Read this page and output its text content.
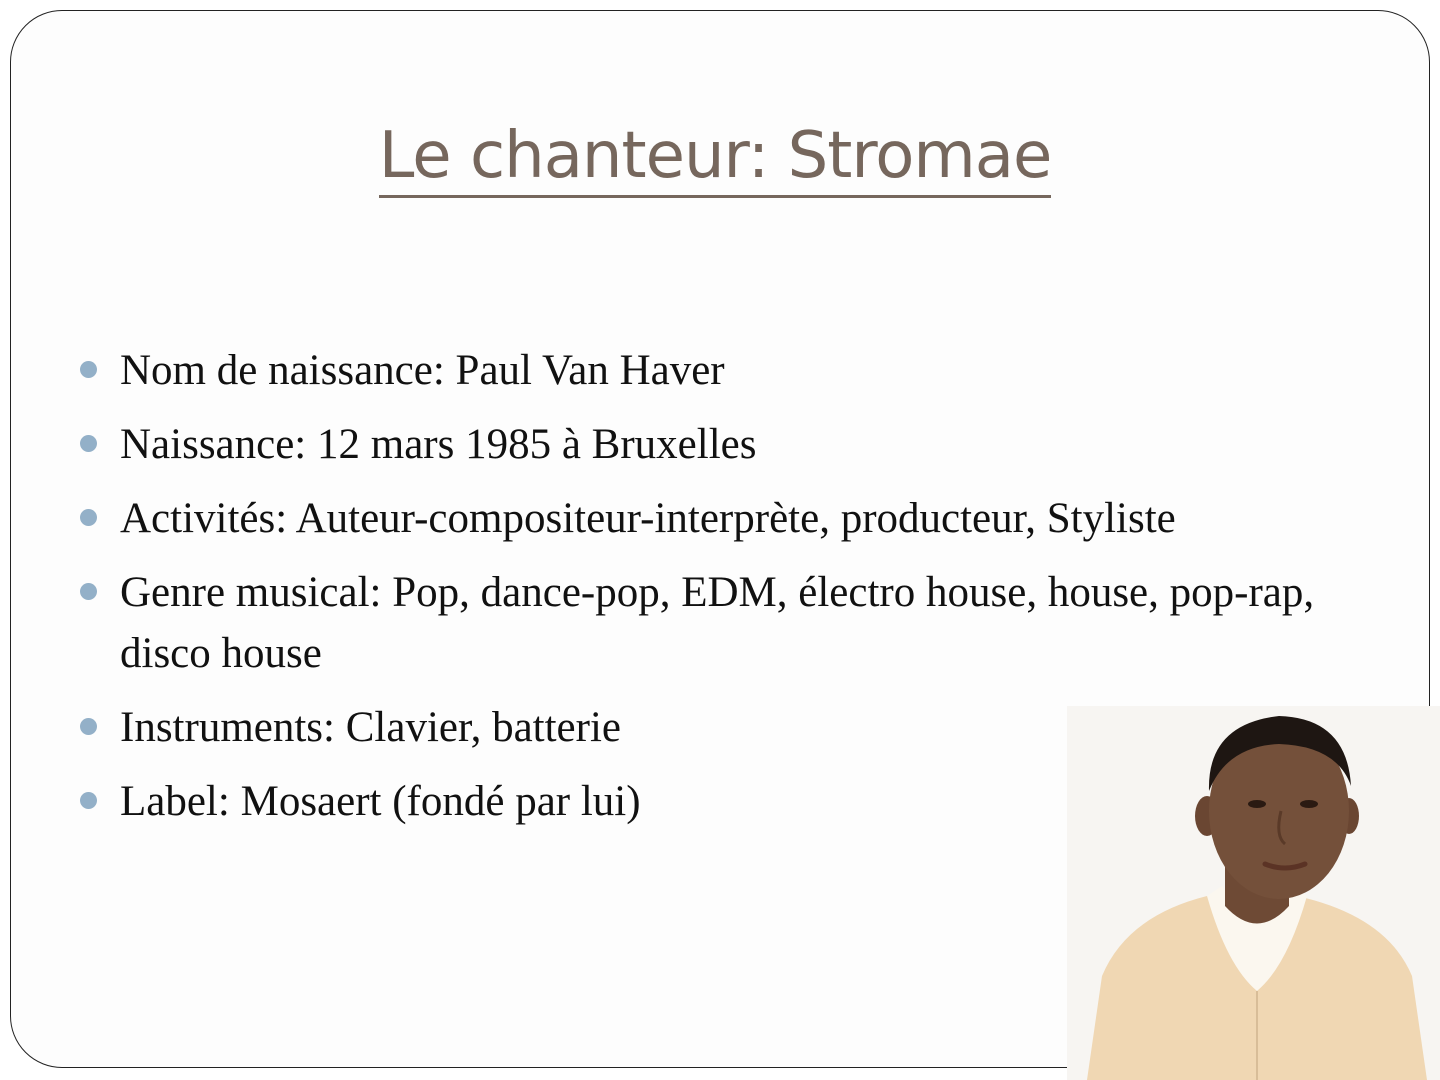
Le chanteur: Stromae
Nom de naissance: Paul Van Haver
Naissance: 12 mars 1985 à Bruxelles
Activités: Auteur-compositeur-interprète, producteur, Styliste
Genre musical: Pop, dance-pop, EDM, électro house, house, pop-rap, disco house
Instruments: Clavier, batterie
Label: Mosaert (fondé par lui)
